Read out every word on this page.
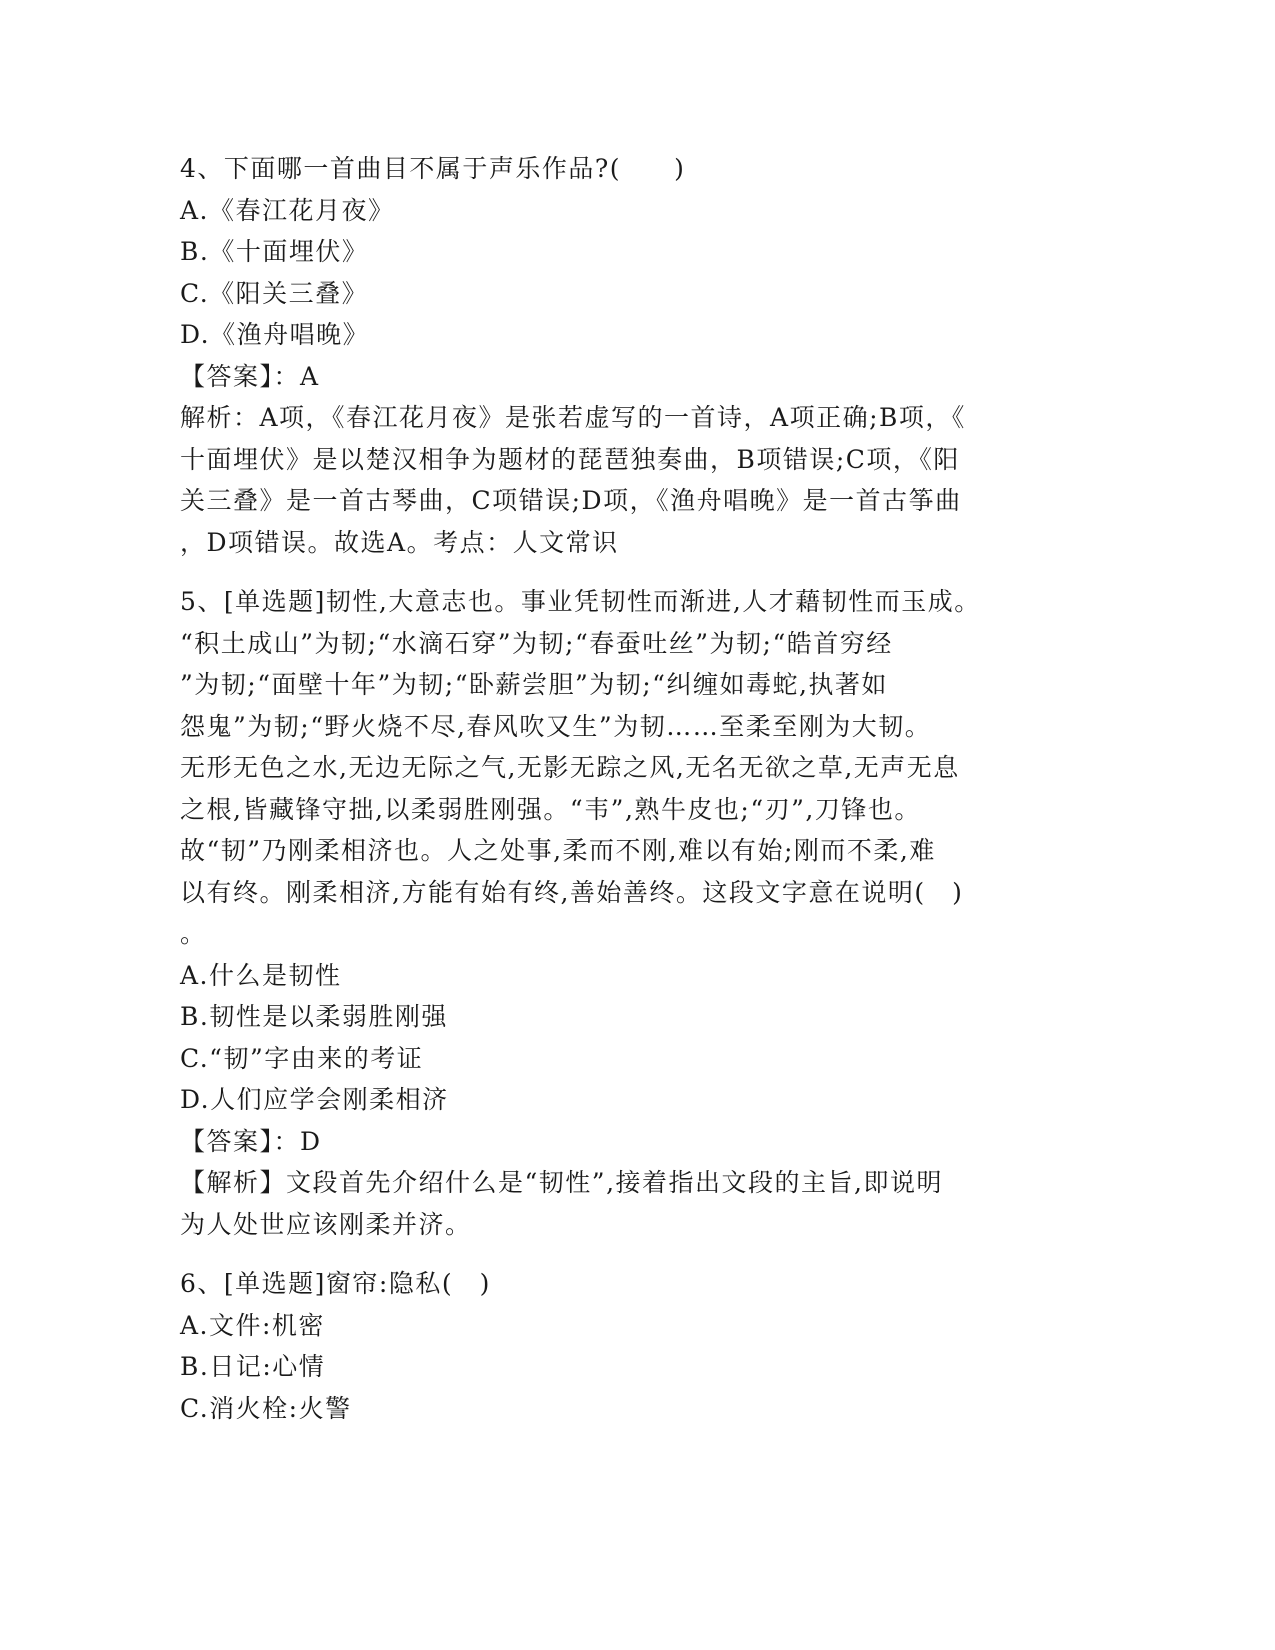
4、下面哪一首曲目不属于声乐作品?(　　)
A.《春江花月夜》
B.《十面埋伏》
C.《阳关三叠》
D.《渔舟唱晚》
【答案】：A
解析：A项，《春江花月夜》是张若虚写的一首诗，A项正确;B项，《
十面埋伏》是以楚汉相争为题材的琵琶独奏曲，B项错误;C项，《阳
关三叠》是一首古琴曲，C项错误;D项，《渔舟唱晚》是一首古筝曲
，D项错误。故选A。考点：人文常识
5、[单选题]韧性,大意志也。事业凭韧性而渐进,人才藉韧性而玉成。
“积土成山”为韧;“水滴石穿”为韧;“春蚕吐丝”为韧;“皓首穷经
”为韧;“面壁十年”为韧;“卧薪尝胆”为韧;“纠缠如毒蛇,执著如
怨鬼”为韧;“野火烧不尽,春风吹又生”为韧……至柔至刚为大韧。
无形无色之水,无边无际之气,无影无踪之风,无名无欲之草,无声无息
之根,皆藏锋守拙,以柔弱胜刚强。“韦”,熟牛皮也;“刃”,刀锋也。
故“韧”乃刚柔相济也。人之处事,柔而不刚,难以有始;刚而不柔,难
以有终。刚柔相济,方能有始有终,善始善终。这段文字意在说明(　)
。
A.什么是韧性
B.韧性是以柔弱胜刚强
C.“韧”字由来的考证
D.人们应学会刚柔相济
【答案】：D
【解析】文段首先介绍什么是“韧性”,接着指出文段的主旨,即说明
为人处世应该刚柔并济。
6、[单选题]窗帘:隐私(　)
A.文件:机密
B.日记:心情
C.消火栓:火警
